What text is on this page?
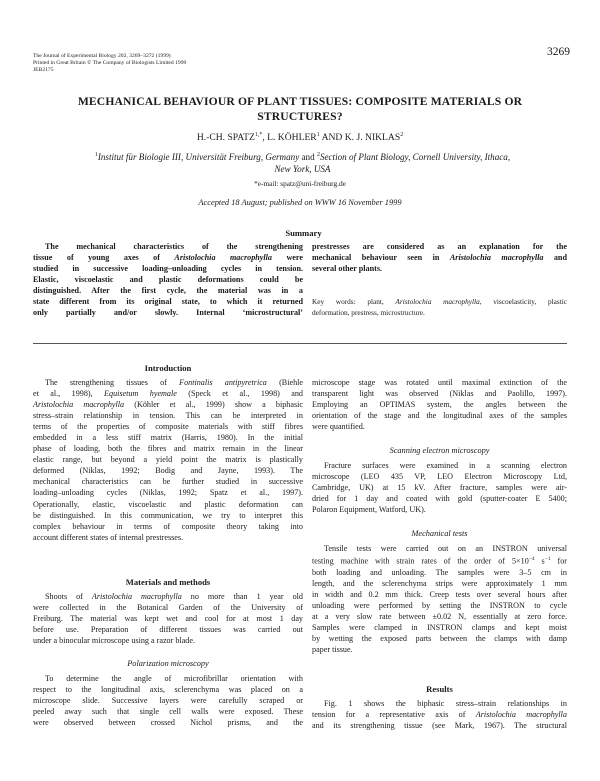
The Journal of Experimental Biology 202, 3269–3272 (1999)
Printed in Great Britain © The Company of Biologists Limited 1999
JEB2175
3269
MECHANICAL BEHAVIOUR OF PLANT TISSUES: COMPOSITE MATERIALS OR
STRUCTURES?
H.-CH. $SPATZ^{1,*}$, L. KÖHLER$^1$ AND K. J. NIKLAS$^2$
$^1$Institut für Biologie III, Universität Freiburg, Germany and $^2$Section of Plant Biology, Cornell University, Ithaca,
New York, USA
*e-mail: spatz@uni-freiburg.de
Accepted 18 August; published on WWW 16 November 1999
Summary
The mechanical characteristics of the strengthening
tissue of young axes of Aristolochia macrophylla were
studied in successive loading–unloading cycles in tension.
Elastic, viscoelastic and plastic deformations could be
distinguished. After the first cycle, the material was in a
state different from its original state, to which it returned
only partially and/or slowly. Internal ‘microstructural’
prestresses are considered as an explanation for the
mechanical behaviour seen in Aristolochia macrophylla and
several other plants.
Key words: plant, Aristolochia macrophylla, viscoelasticity, plastic
deformation, prestress, microstructure.
Introduction
The strengthening tissues of Fontinalis antipyretrica (Biehle
et al., 1998), Equisetum hyemale (Speck et al., 1998) and
Aristolochia macrophylla (Köhler et al., 1999) show a biphasic
stress–strain relationship in tension. This can be interpreted in
terms of the properties of composite materials with stiff fibres
embedded in a less stiff matrix (Harris, 1980). In the initial
phase of loading, both the fibres and matrix remain in the linear
elastic range, but beyond a yield point the matrix is plastically
deformed (Niklas, 1992; Bodig and Jayne, 1993). The
mechanical characteristics can be further studied in successive
loading–unloading cycles (Niklas, 1992; Spatz et al., 1997).
Operationally, elastic, viscoelastic and plastic deformation can
be distinguished. In this communication, we try to interpret this
complex behaviour in terms of composite theory taking into
account different states of internal prestresses.
Materials and methods
Shoots of Aristolochia macrophylla no more than 1 year old
were collected in the Botanical Garden of the University of
Freiburg. The material was kept wet and cool for at most 1 day
before use. Preparation of different tissues was carried out
under a binocular microscope using a razor blade.
Polarization microscopy
To determine the angle of microfibrillar orientation with
respect to the longitudinal axis, sclerenchyma was placed on a
microscope slide. Successive layers were carefully scraped or
peeled away such that single cell walls were exposed. These
were observed between crossed Nichol prisms, and the
microscope stage was rotated until maximal extinction of the
transparent light was observed (Niklas and Paolillo, 1997).
Employing an OPTIMAS system, the angles between the
orientation of the stage and the longitudinal axes of the samples
were quantified.
Scanning electron microscopy
Fracture surfaces were examined in a scanning electron
microscope (LEO 435 VP, LEO Electron Microscopy Ltd,
Cambridge, UK) at 15 kV. After fracture, samples were air-
dried for 1 day and coated with gold (sputter-coater E 5400;
Polaron Equipment, Watford, UK).
Mechanical tests
Tensile tests were carried out on an INSTRON universal
testing machine with strain rates of the order of $5\times 10^{-4}$ $s^{-1}$ for
both loading and unloading. The samples were 3–5 cm in
length, and the sclerenchyma strips were approximately 1 mm
in width and 0.2 mm thick. Creep tests over several hours after
unloading were performed by setting the INSTRON to cycle
at a very slow rate between ±0.02 N, essentially at zero force.
Samples were clamped in INSTRON clamps and kept moist
by wetting the exposed parts between the clamps with damp
paper tissue.
Results
Fig. 1 shows the biphasic stress–strain relationships in
tension for a representative axis of Aristolochia macrophylla
and its strengthening tissue (see Mark, 1967). The structural
